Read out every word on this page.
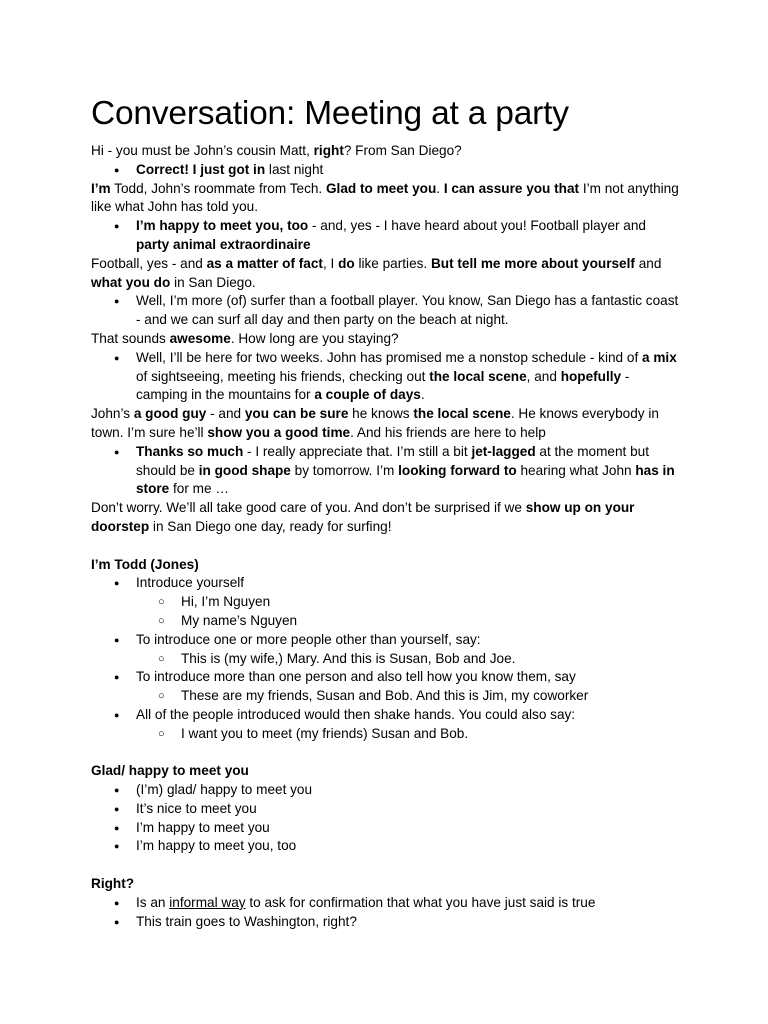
Conversation: Meeting at a party

Hi - you must be John’s cousin Matt, right? From San Diego?

● Correct! I just got in last night

I’m Todd, John’s roommate from Tech. Glad to meet you. I can assure you that I’m not anything like what John has told you.

● I’m happy to meet you, too - and, yes - I have heard about you! Football player and party animal extraordinaire

Football, yes - and as a matter of fact, I do like parties. But tell me more about yourself and what you do in San Diego.

● Well, I’m more (of) surfer than a football player. You know, San Diego has a fantastic coast - and we can surf all day and then party on the beach at night.

That sounds awesome. How long are you staying?

● Well, I’ll be here for two weeks. John has promised me a nonstop schedule - kind of a mix of sightseeing, meeting his friends, checking out the local scene, and hopefully - camping in the mountains for a couple of days.

John’s a good guy - and you can be sure he knows the local scene. He knows everybody in town. I’m sure he’ll show you a good time. And his friends are here to help

● Thanks so much - I really appreciate that. I’m still a bit jet-lagged at the moment but should be in good shape by tomorrow. I’m looking forward to hearing what John has in store for me …

Don’t worry. We’ll all take good care of you. And don’t be surprised if we show up on your doorstep in San Diego one day, ready for surfing!

I’m Todd (Jones)

● Introduce yourself
○ Hi, I’m Nguyen
○ My name’s Nguyen
● To introduce one or more people other than yourself, say:
○ This is (my wife,) Mary. And this is Susan, Bob and Joe.
● To introduce more than one person and also tell how you know them, say
○ These are my friends, Susan and Bob. And this is Jim, my coworker
● All of the people introduced would then shake hands. You could also say:
○ I want you to meet (my friends) Susan and Bob.

Glad/ happy to meet you

● (I’m) glad/ happy to meet you
● It’s nice to meet you
● I’m happy to meet you
● I’m happy to meet you, too

Right?

● Is an informal way to ask for confirmation that what you have just said is true
● This train goes to Washington, right?
